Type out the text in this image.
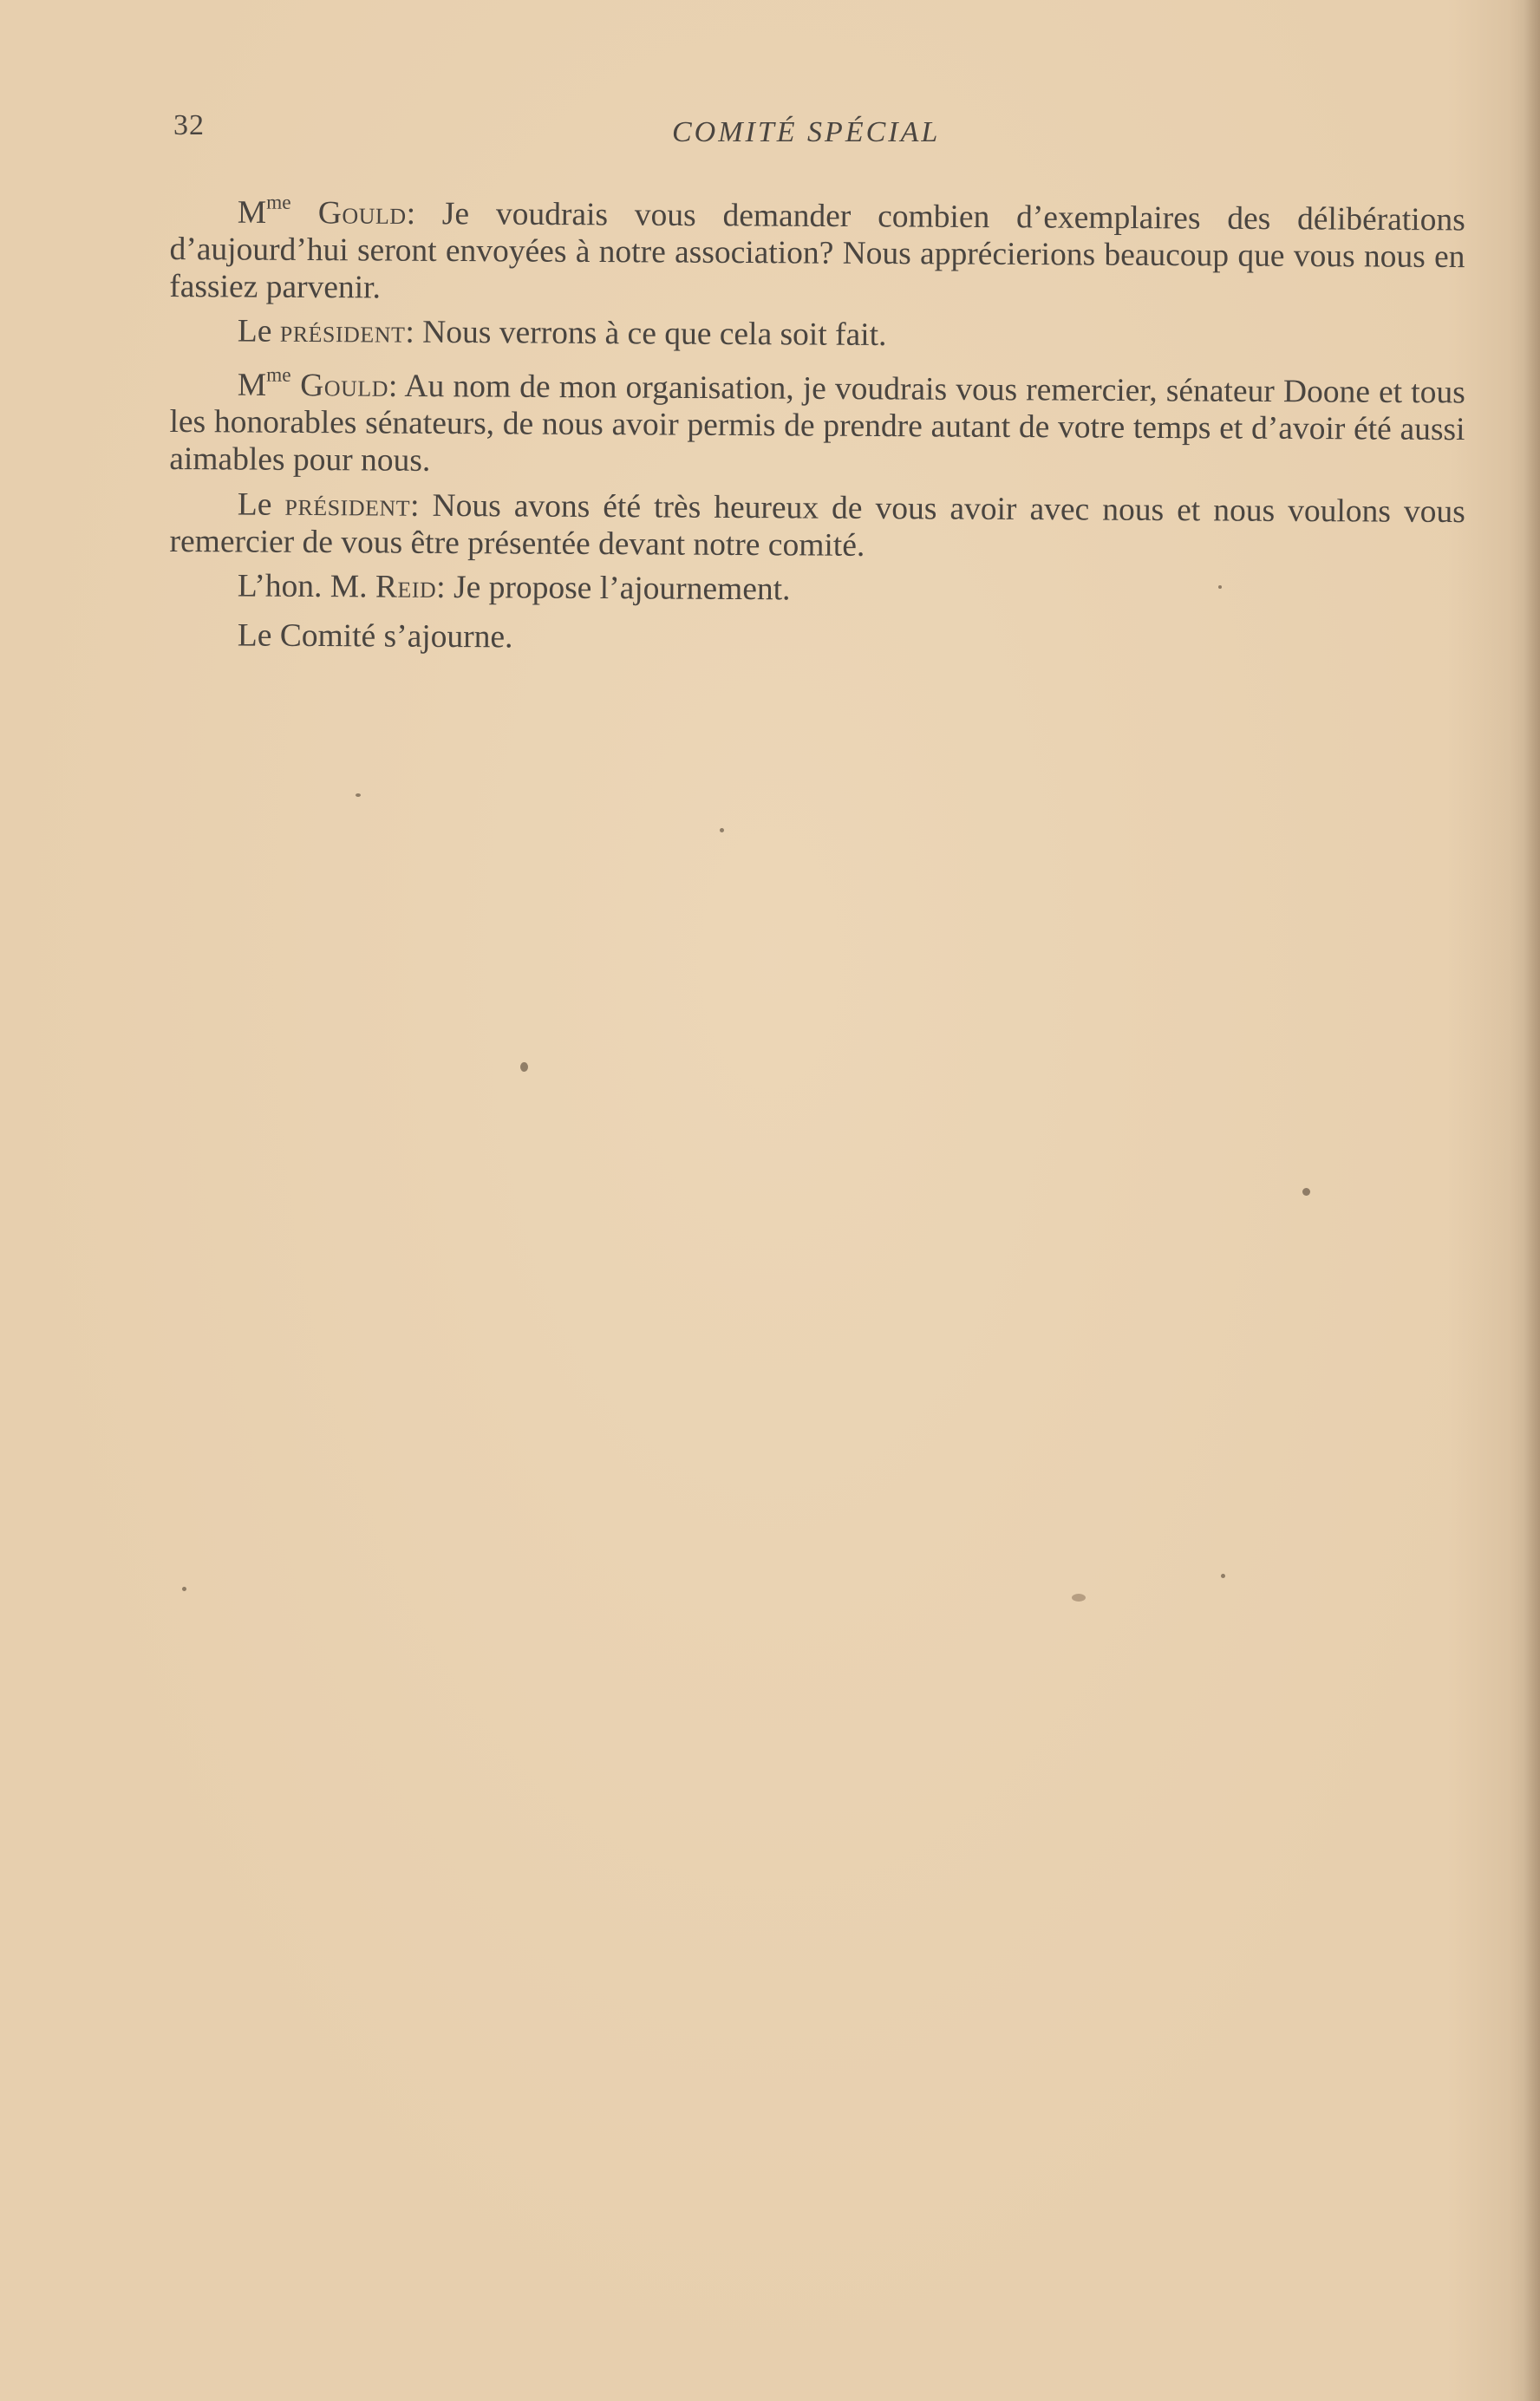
32	COMITÉ SPÉCIAL

$M^{me}$ Gould: Je voudrais vous demander combien d’exemplaires des délibérations d’aujourd’hui seront envoyées à notre association? Nous apprécierions beaucoup que vous nous en fassiez parvenir.

Le président: Nous verrons à ce que cela soit fait.

$M^{me}$ Gould: Au nom de mon organisation, je voudrais vous remercier, sénateur Doone et tous les honorables sénateurs, de nous avoir permis de prendre autant de votre temps et d’avoir été aussi aimables pour nous.

Le président: Nous avons été très heureux de vous avoir avec nous et nous voulons vous remercier de vous être présentée devant notre comité.

L’hon. M. Reid: Je propose l’ajournement.

Le Comité s’ajourne.
